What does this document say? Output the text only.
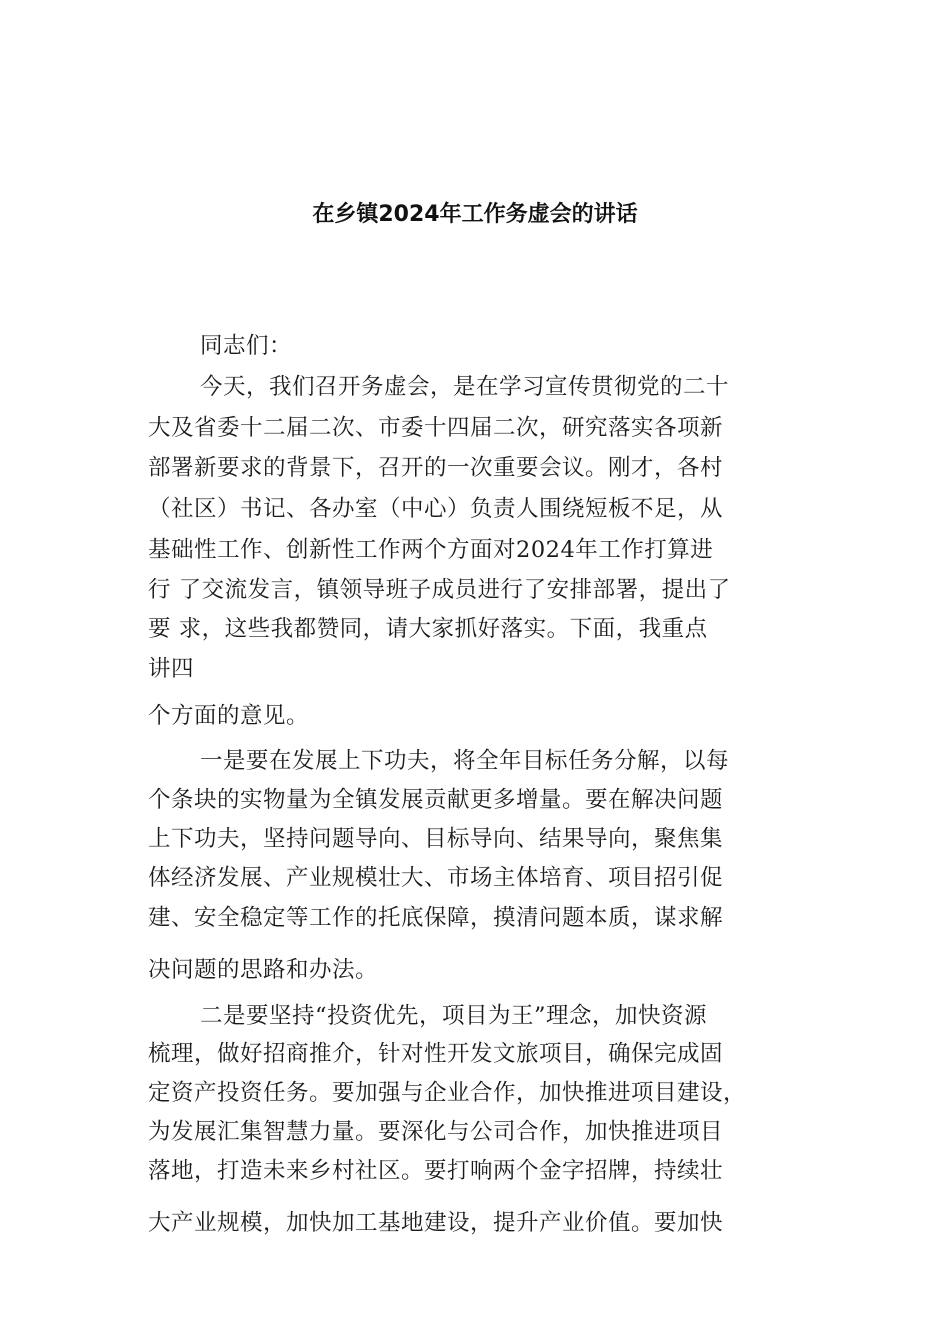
在乡镇2024年工作务虚会的讲话
同志们：
今天，我们召开务虚会，是在学习宣传贯彻党的二十
大及省委十二届二次、市委十四届二次，研究落实各项新
部署新要求的背景下，召开的一次重要会议。刚才，各村
（社区）书记、各办室（中心）负责人围绕短板不足，从
基础性工作、创新性工作两个方面对2024年工作打算进
行 了交流发言，镇领导班子成员进行了安排部署，提出了
要 求，这些我都赞同，请大家抓好落实。下面，我重点
讲四
个方面的意见。
一是要在发展上下功夫，将全年目标任务分解，以每
个条块的实物量为全镇发展贡献更多增量。要在解决问题
上下功夫，坚持问题导向、目标导向、结果导向，聚焦集
体经济发展、产业规模壮大、市场主体培育、项目招引促
建、安全稳定等工作的托底保障，摸清问题本质，谋求解
决问题的思路和办法。
二是要坚持“投资优先，项目为王”理念，加快资源
梳理，做好招商推介，针对性开发文旅项目，确保完成固
定资产投资任务。要加强与企业合作，加快推进项目建设，
为发展汇集智慧力量。要深化与公司合作，加快推进项目
落地，打造未来乡村社区。要打响两个金字招牌，持续壮
大产业规模，加快加工基地建设，提升产业价值。要加快
